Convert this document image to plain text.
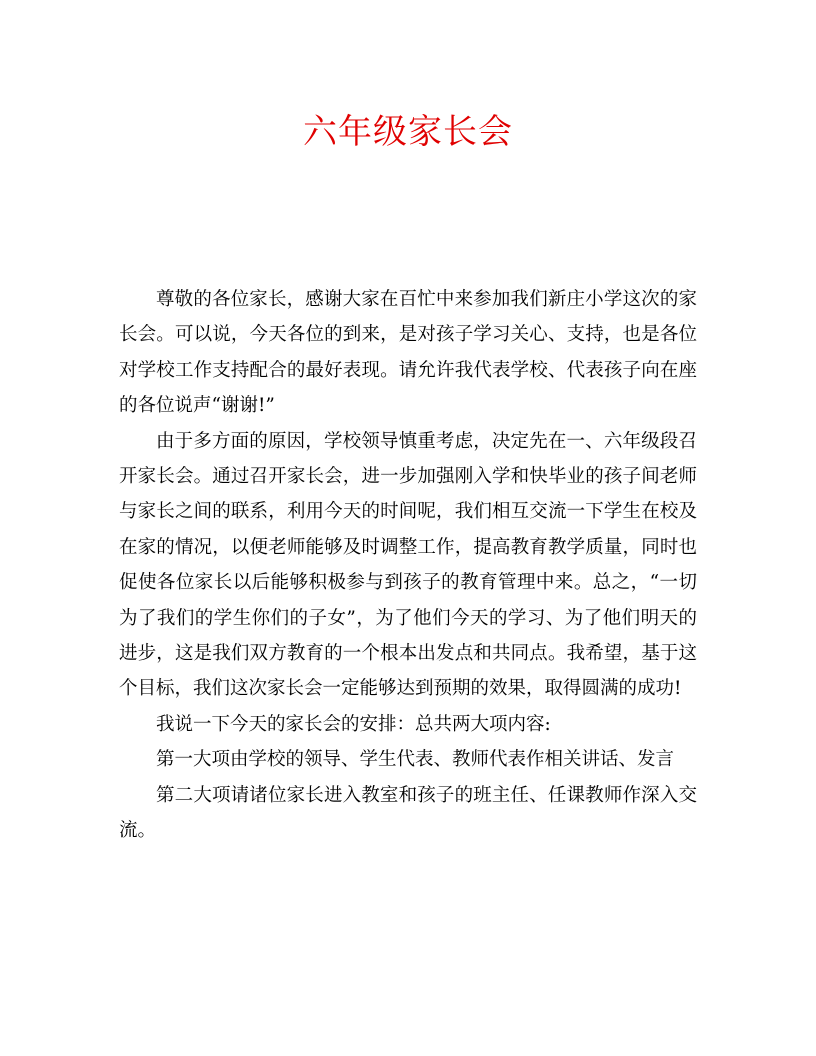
六年级家长会

尊敬的各位家长，感谢大家在百忙中来参加我们新庄小学这次的家长会。可以说，今天各位的到来，是对孩子学习关心、支持，也是各位对学校工作支持配合的最好表现。请允许我代表学校、代表孩子向在座的各位说声“谢谢!”

由于多方面的原因，学校领导慎重考虑，决定先在一、六年级段召开家长会。通过召开家长会，进一步加强刚入学和快毕业的孩子间老师与家长之间的联系，利用今天的时间呢，我们相互交流一下学生在校及在家的情况，以便老师能够及时调整工作，提高教育教学质量，同时也促使各位家长以后能够积极参与到孩子的教育管理中来。总之，“一切为了我们的学生你们的子女”，为了他们今天的学习、为了他们明天的进步，这是我们双方教育的一个根本出发点和共同点。我希望，基于这个目标，我们这次家长会一定能够达到预期的效果，取得圆满的成功!

我说一下今天的家长会的安排：总共两大项内容:

第一大项由学校的领导、学生代表、教师代表作相关讲话、发言

第二大项请诸位家长进入教室和孩子的班主任、任课教师作深入交流。
